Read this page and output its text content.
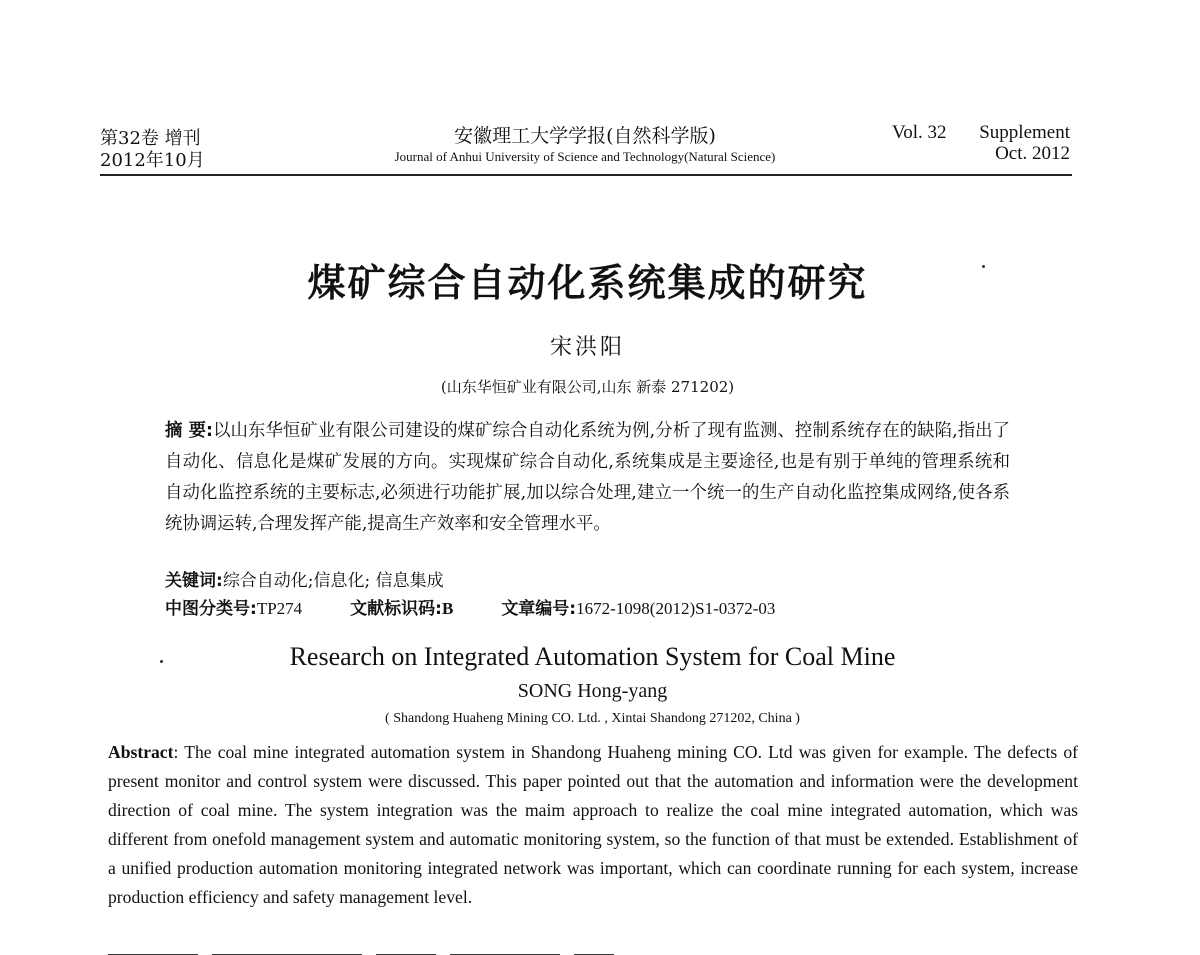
第32卷 增刊
2012年10月
安徽理工大学学报(自然科学版)
Journal of Anhui University of Science and Technology(Natural Science)
Vol. 32 Supplement
Oct. 2012
煤矿综合自动化系统集成的研究
宋洪阳
(山东华恒矿业有限公司,山东 新泰 271202)
摘 要:以山东华恒矿业有限公司建设的煤矿综合自动化系统为例,分析了现有监测、控制系统存在的缺陷,指出了自动化、信息化是煤矿发展的方向。实现煤矿综合自动化,系统集成是主要途径,也是有别于单纯的管理系统和自动化监控系统的主要标志,必须进行功能扩展,加以综合处理,建立一个统一的生产自动化监控集成网络,使各系统协调运转,合理发挥产能,提高生产效率和安全管理水平。
关键词:综合自动化;信息化; 信息集成
中图分类号:TP274	文献标识码:B	文章编号:1672-1098(2012)S1-0372-03
Research on Integrated Automation System for Coal Mine
SONG Hong-yang
( Shandong Huaheng Mining CO. Ltd. , Xintai Shandong 271202, China )
Abstract: The coal mine integrated automation system in Shandong Huaheng mining CO. Ltd was given for example. The defects of present monitor and control system were discussed. This paper pointed out that the automation and information were the development direction of coal mine. The system integration was the maim approach to realize the coal mine integrated automation, which was different from onefold management system and automatic monitoring system, so the function of that must be extended. Establishment of a unified production automation monitoring integrated network was important, which can coordinate running for each system, increase production efficiency and safety management level.
